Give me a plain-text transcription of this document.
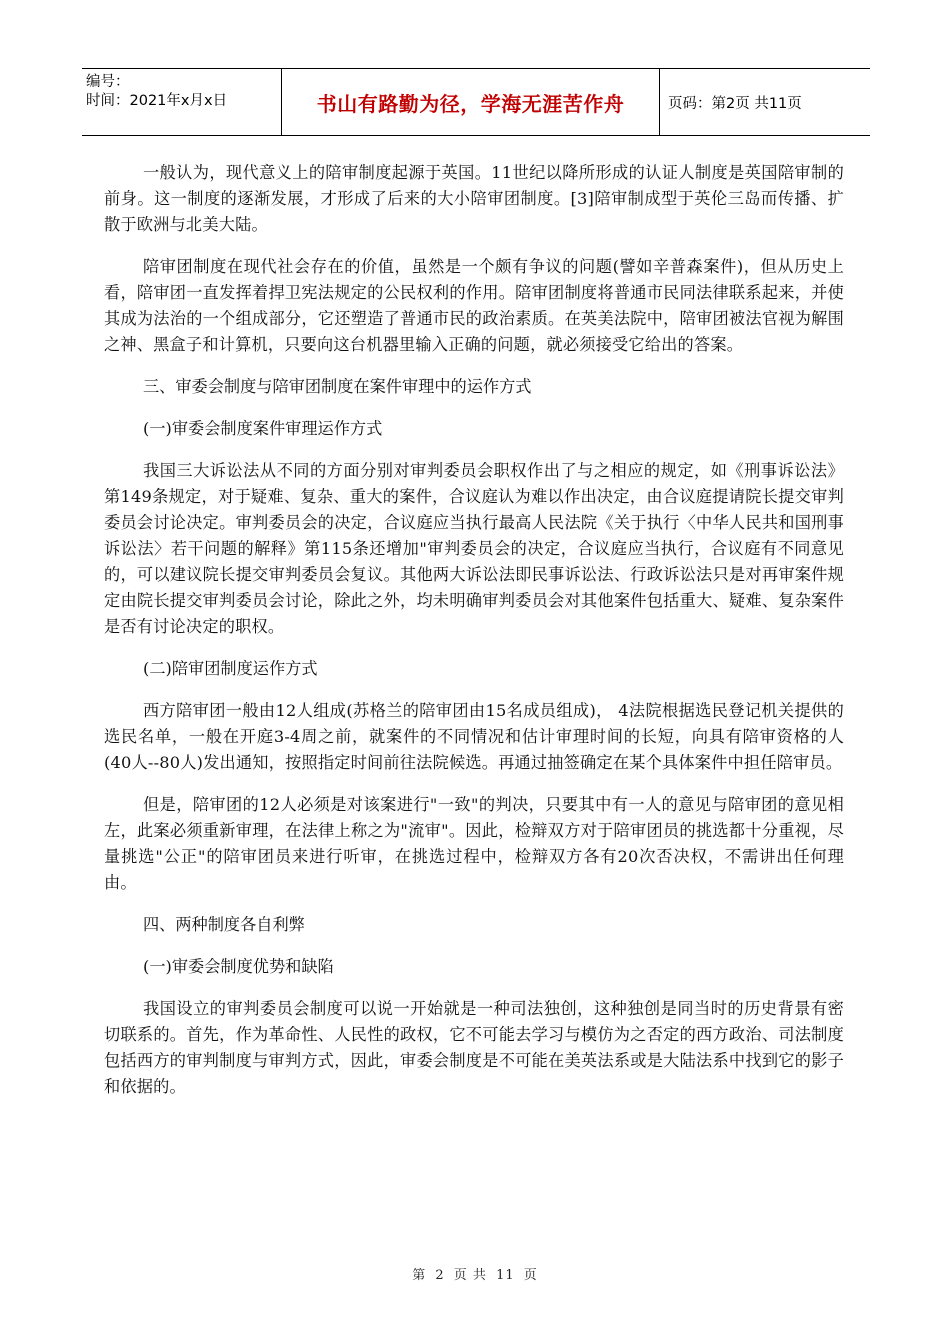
编号：
时间：2021年x月x日	书山有路勤为径，学海无涯苦作舟	页码：第2页 共11页

一般认为，现代意义上的陪审制度起源于英国。11世纪以降所形成的认证人制度是英国陪审制的前身。这一制度的逐渐发展，才形成了后来的大小陪审团制度。[3]陪审制成型于英伦三岛而传播、扩散于欧洲与北美大陆。

陪审团制度在现代社会存在的价值，虽然是一个颇有争议的问题(譬如辛普森案件)，但从历史上看，陪审团一直发挥着捍卫宪法规定的公民权利的作用。陪审团制度将普通市民同法律联系起来，并使其成为法治的一个组成部分，它还塑造了普通市民的政治素质。在英美法院中，陪审团被法官视为解围之神、黑盒子和计算机，只要向这台机器里输入正确的问题，就必须接受它给出的答案。

三、审委会制度与陪审团制度在案件审理中的运作方式

(一)审委会制度案件审理运作方式

我国三大诉讼法从不同的方面分别对审判委员会职权作出了与之相应的规定，如《刑事诉讼法》第149条规定，对于疑难、复杂、重大的案件，合议庭认为难以作出决定，由合议庭提请院长提交审判委员会讨论决定。审判委员会的决定，合议庭应当执行最高人民法院《关于执行〈中华人民共和国刑事诉讼法〉若干问题的解释》第115条还增加"审判委员会的决定，合议庭应当执行，合议庭有不同意见的，可以建议院长提交审判委员会复议。其他两大诉讼法即民事诉讼法、行政诉讼法只是对再审案件规定由院长提交审判委员会讨论，除此之外，均未明确审判委员会对其他案件包括重大、疑难、复杂案件是否有讨论决定的职权。

(二)陪审团制度运作方式

西方陪审团一般由12人组成(苏格兰的陪审团由15名成员组成)， 4法院根据选民登记机关提供的选民名单，一般在开庭3-4周之前，就案件的不同情况和估计审理时间的长短，向具有陪审资格的人(40人--80人)发出通知，按照指定时间前往法院候选。再通过抽签确定在某个具体案件中担任陪审员。

但是，陪审团的12人必须是对该案进行"一致"的判决，只要其中有一人的意见与陪审团的意见相左，此案必须重新审理，在法律上称之为"流审"。因此，检辩双方对于陪审团员的挑选都十分重视，尽量挑选"公正"的陪审团员来进行听审，在挑选过程中，检辩双方各有20次否决权，不需讲出任何理由。

四、两种制度各自利弊

(一)审委会制度优势和缺陷

我国设立的审判委员会制度可以说一开始就是一种司法独创，这种独创是同当时的历史背景有密切联系的。首先，作为革命性、人民性的政权，它不可能去学习与模仿为之否定的西方政治、司法制度包括西方的审判制度与审判方式，因此，审委会制度是不可能在美英法系或是大陆法系中找到它的影子和依据的。

第 2 页 共 11 页
